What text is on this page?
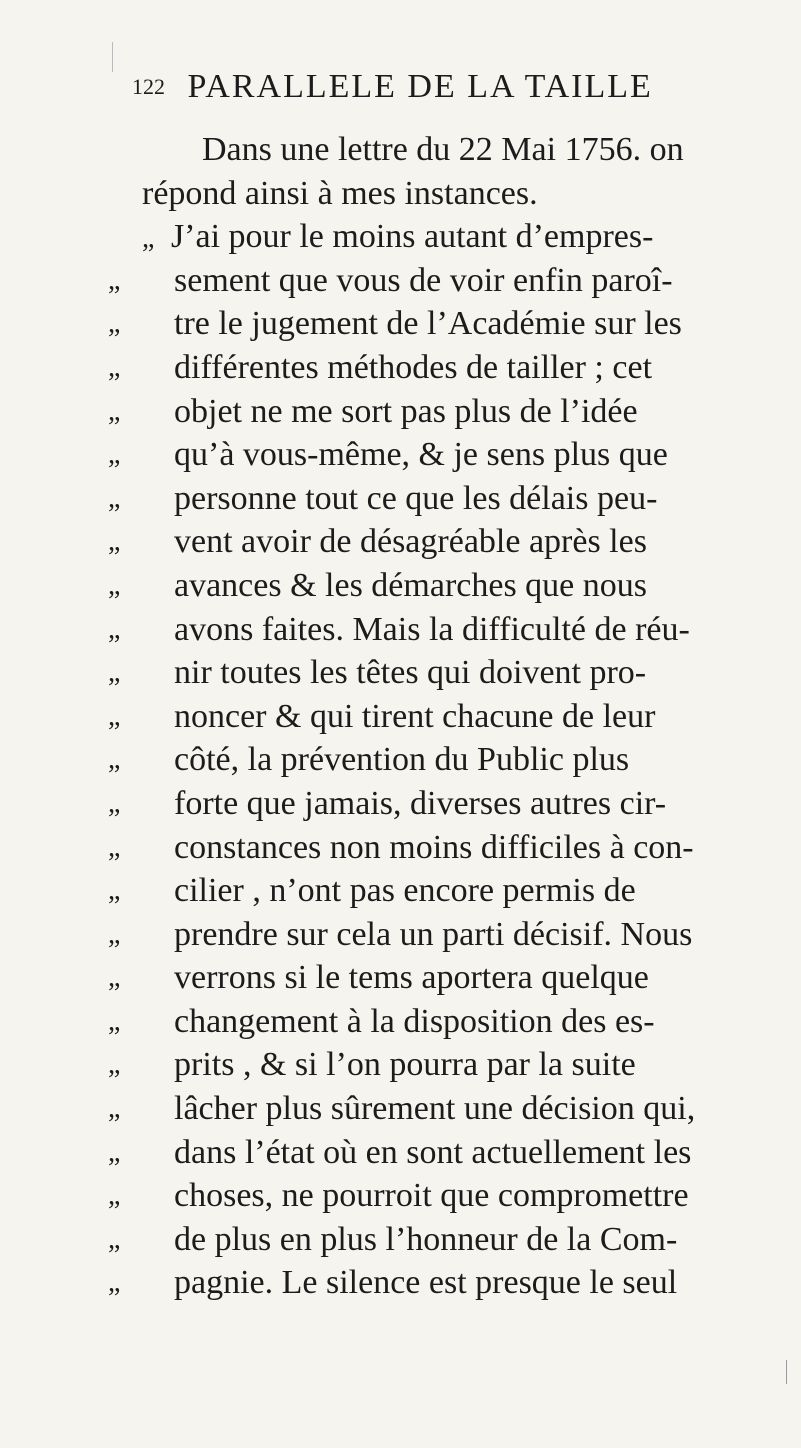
122 PARALLELE DE LA TAILLE
Dans une lettre du 22 Mai 1756. on
répond ainsi à mes instances.
„ J’ai pour le moins autant d’empres-
„ sement que vous de voir enfin paroî-
„ tre le jugement de l’Académie sur les
„ différentes méthodes de tailler ; cet
„ objet ne me sort pas plus de l’idée
„ qu’à vous-même, & je sens plus que
„ personne tout ce que les délais peu-
„ vent avoir de désagréable après les
„ avances & les démarches que nous
„ avons faites. Mais la difficulté de réu-
„ nir toutes les têtes qui doivent pro-
„ noncer & qui tirent chacune de leur
„ côté, la prévention du Public plus
„ forte que jamais, diverses autres cir-
„ constances non moins difficiles à con-
„ cilier , n’ont pas encore permis de
„ prendre sur cela un parti décisif. Nous
„ verrons si le tems aportera quelque
„ changement à la disposition des es-
„ prits , & si l’on pourra par la suite
„ lâcher plus sûrement une décision qui,
„ dans l’état où en sont actuellement les
„ choses, ne pourroit que compromettre
„ de plus en plus l’honneur de la Com-
„ pagnie. Le silence est presque le seul
